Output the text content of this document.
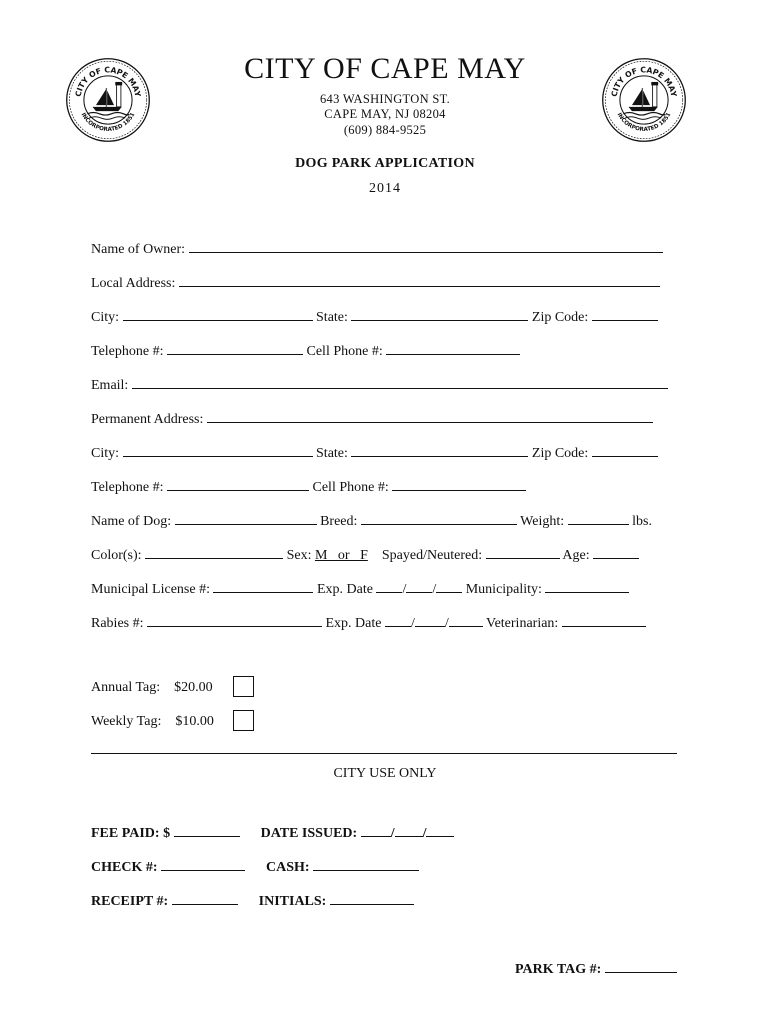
CITY OF CAPE MAY
INCORPORATED 1851
CITY OF CAPE MAY
INCORPORATED 1851
CITY OF CAPE MAY
643 WASHINGTON ST.
CAPE MAY, NJ 08204
(609) 884-9525
DOG PARK APPLICATION
2014
Name of Owner:
Local Address:
City:	State:	Zip Code:
Telephone #:	Cell Phone #:
Email:
Permanent Address:
City:	State:	Zip Code:
Telephone #:	Cell Phone #:
Name of Dog:	Breed:	Weight:	lbs.
Color(s):	Sex: M   or   F Spayed/Neutered:	Age:
Municipal License #:	Exp. Date / / Municipality:
Rabies #:	Exp. Date / /	Veterinarian:
Annual Tag: $20.00
Weekly Tag: $10.00
CITY USE ONLY
FEE PAID: $	DATE ISSUED: / /
CHECK #:	CASH:
RECEIPT #:	INITIALS:
PARK TAG #:
